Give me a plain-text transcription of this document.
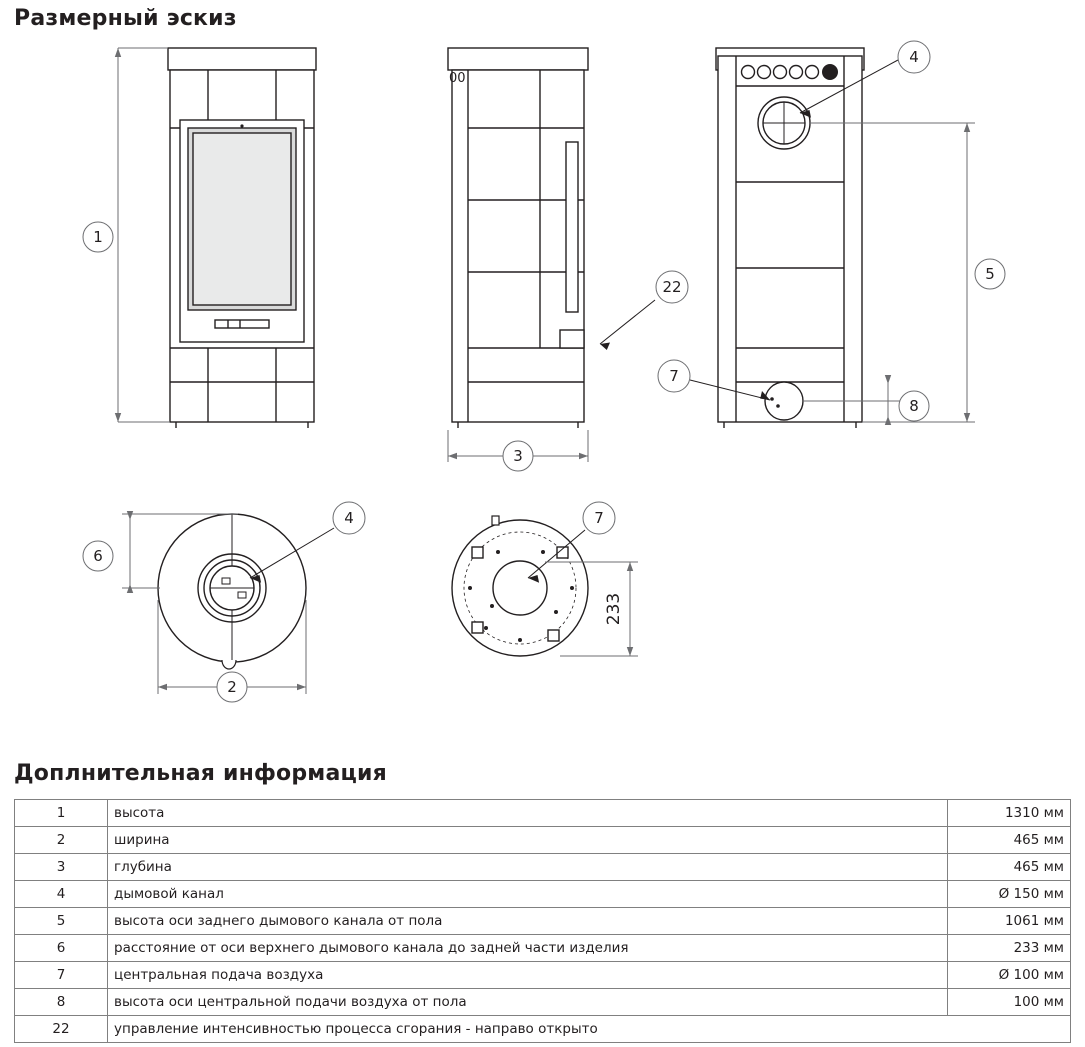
Размерный эскиз
Доплнительная информация
1
00
3
22
4
7
5
8
4
6
2
7
233
1	высота	1310 мм
2	ширина	465 мм
3	глубина	465 мм
4	дымовой канал	Ø 150 мм
5	высота оси заднего дымового канала от пола	1061 мм
6	расстояние от оси верхнего дымового канала до задней части изделия	233 мм
7	центральная подача воздуха	Ø 100 мм
8	высота оси центральной подачи воздуха от пола	100 мм
22	управление интенсивностью процесса сгорания - направо открыто	
